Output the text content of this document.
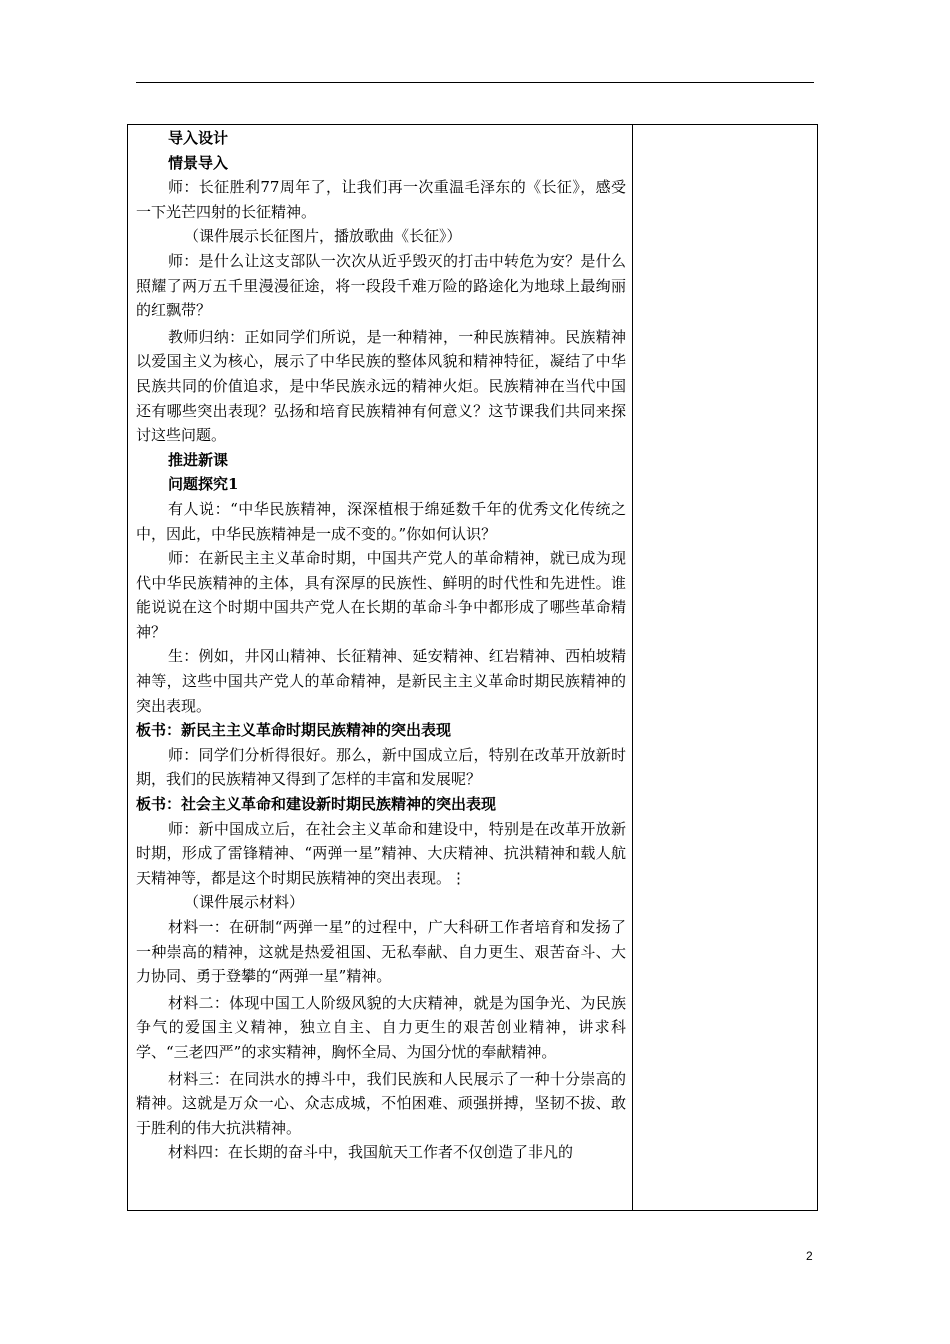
导入设计

情景导入

师：长征胜利77周年了，让我们再一次重温毛泽东的《长征》，感受一下光芒四射的长征精神。

（课件展示长征图片，播放歌曲《长征》）

师：是什么让这支部队一次次从近乎毁灭的打击中转危为安？是什么照耀了两万五千里漫漫征途，将一段段千难万险的路途化为地球上最绚丽的红飘带？

教师归纳：正如同学们所说，是一种精神，一种民族精神。民族精神以爱国主义为核心，展示了中华民族的整体风貌和精神特征，凝结了中华民族共同的价值追求，是中华民族永远的精神火炬。民族精神在当代中国还有哪些突出表现？弘扬和培育民族精神有何意义？这节课我们共同来探讨这些问题。

推进新课

问题探究1

有人说：“中华民族精神，深深植根于绵延数千年的优秀文化传统之中，因此，中华民族精神是一成不变的。”你如何认识？

师：在新民主主义革命时期，中国共产党人的革命精神，就已成为现代中华民族精神的主体，具有深厚的民族性、鲜明的时代性和先进性。谁能说说在这个时期中国共产党人在长期的革命斗争中都形成了哪些革命精神？

生：例如，井冈山精神、长征精神、延安精神、红岩精神、西柏坡精神等，这些中国共产党人的革命精神，是新民主主义革命时期民族精神的突出表现。

板书：新民主主义革命时期民族精神的突出表现

师：同学们分析得很好。那么，新中国成立后，特别在改革开放新时期，我们的民族精神又得到了怎样的丰富和发展呢？

板书：社会主义革命和建设新时期民族精神的突出表现

师：新中国成立后，在社会主义革命和建设中，特别是在改革开放新时期，形成了雷锋精神、“两弹一星”精神、大庆精神、抗洪精神和载人航天精神等，都是这个时期民族精神的突出表现。⋮

（课件展示材料）

材料一：在研制“两弹一星”的过程中，广大科研工作者培育和发扬了一种崇高的精神，这就是热爱祖国、无私奉献、自力更生、艰苦奋斗、大力协同、勇于登攀的“两弹一星”精神。

材料二：体现中国工人阶级风貌的大庆精神，就是为国争光、为民族争气的爱国主义精神，独立自主、自力更生的艰苦创业精神，讲求科学、“三老四严”的求实精神，胸怀全局、为国分忧的奉献精神。

材料三：在同洪水的搏斗中，我们民族和人民展示了一种十分崇高的精神。这就是万众一心、众志成城，不怕困难、顽强拼搏，坚韧不拔、敢于胜利的伟大抗洪精神。

材料四：在长期的奋斗中，我国航天工作者不仅创造了非凡的

2
